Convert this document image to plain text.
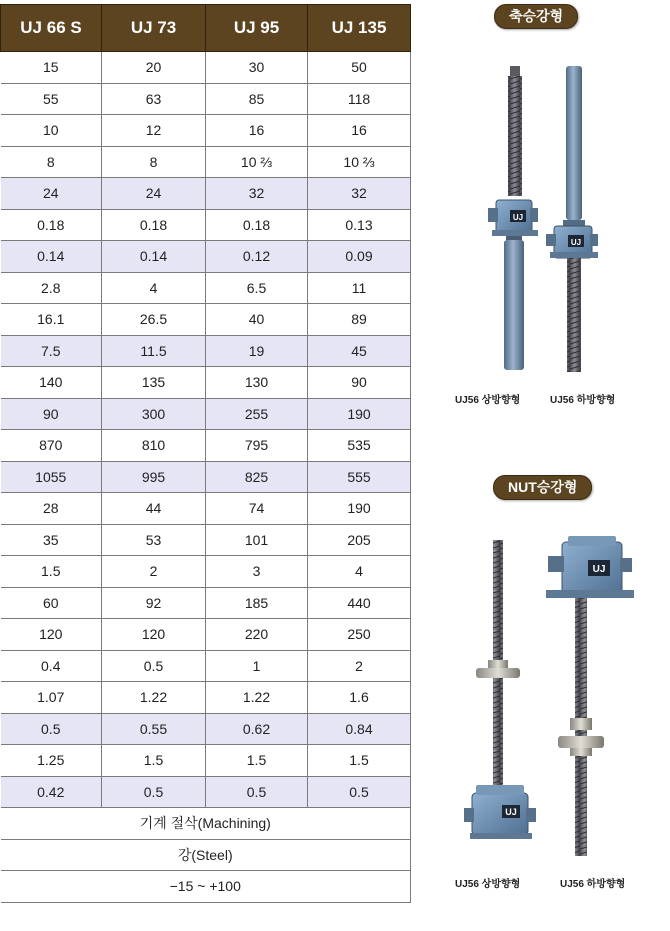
UJ 66 S	UJ 73	UJ 95	UJ 135
15	20	30	50
55	63	85	118
10	12	16	16
8	8	10 ⅔	10 ⅔
24	24	32	32
0.18	0.18	0.18	0.13
0.14	0.14	0.12	0.09
2.8	4	6.5	11
16.1	26.5	40	89
7.5	11.5	19	45
140	135	130	90
90	300	255	190
870	810	795	535
1055	995	825	555
28	44	74	190
35	53	101	205
1.5	2	3	4
60	92	185	440
120	120	220	250
0.4	0.5	1	2
1.07	1.22	1.22	1.6
0.5	0.55	0.62	0.84
1.25	1.5	1.5	1.5
0.42	0.5	0.5	0.5
기계 절삭(Machining)			
강(Steel)			
−15 ~ +100			
축승강형
NUT승강형
UJ
UJ
UJ
UJ
UJ56 상방향형	UJ56 하방향형
UJ56 상방향형	UJ56 하방향형
